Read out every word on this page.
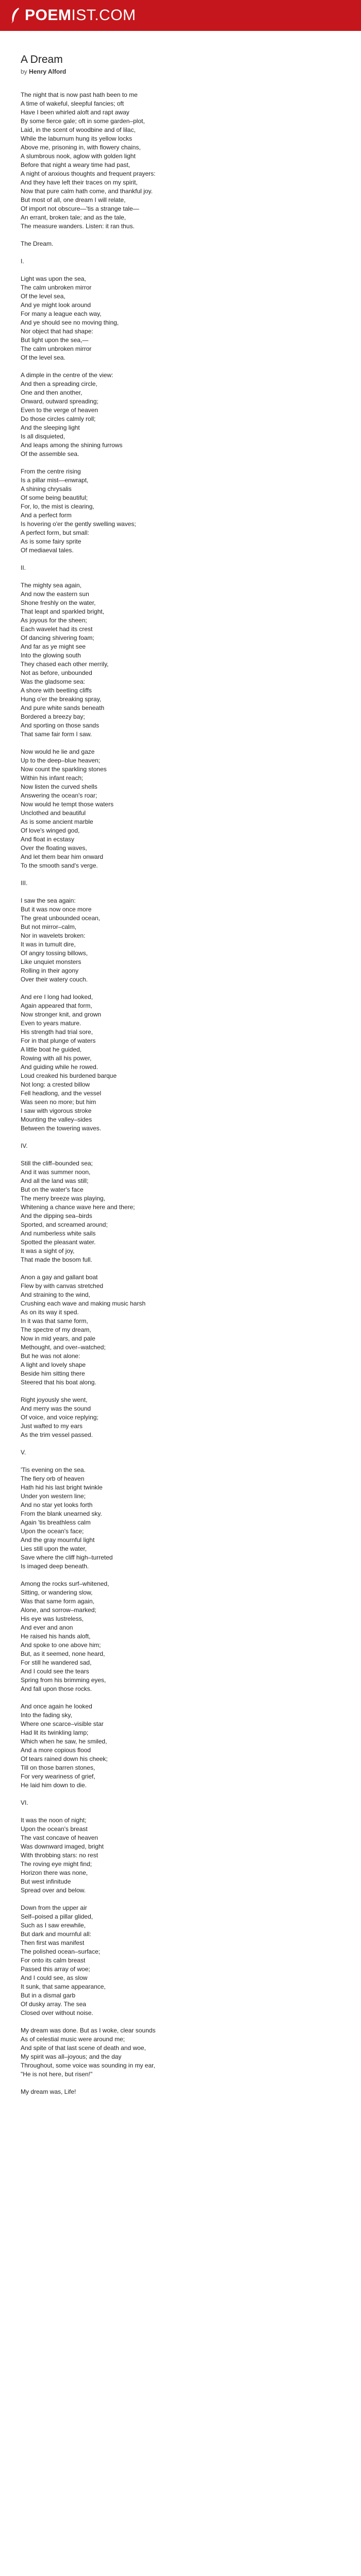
POEMIST.COM
A Dream
by Henry Alford

The night that is now past hath been to me
A time of wakeful, sleepful fancies; oft
Have I been whirled aloft and rapt away
By some fierce gale; oft in some garden–plot,
Laid, in the scent of woodbine and of lilac,
While the laburnum hung its yellow locks
Above me, prisoning in, with flowery chains,
A slumbrous nook, aglow with golden light
Before that night a weary time had past,
A night of anxious thoughts and frequent prayers:
And they have left their traces on my spirit,
Now that pure calm hath come, and thankful joy.
But most of all, one dream I will relate,
Of import not obscure—'tis a strange tale—
An errant, broken tale; and as the tale,
The measure wanders. Listen: it ran thus.

The Dream.

I.

Light was upon the sea,
The calm unbroken mirror
Of the level sea,
And ye might look around
For many a league each way,
And ye should see no moving thing,
Nor object that had shape:
But light upon the sea,—
The calm unbroken mirror
Of the level sea.

A dimple in the centre of the view:
And then a spreading circle,
One and then another,
Onward, outward spreading;
Even to the verge of heaven
Do those circles calmly roll;
And the sleeping light
Is all disquieted,
And leaps among the shining furrows
Of the assemble sea.

From the centre rising
Is a pillar mist—enwrapt,
A shining chrysalis
Of some being beautiful;
For, lo, the mist is clearing,
And a perfect form
Is hovering o'er the gently swelling waves;
A perfect form, but small:
As is some fairy sprite
Of mediaeval tales.

II.

The mighty sea again,
And now the eastern sun
Shone freshly on the water,
That leapt and sparkled bright,
As joyous for the sheen;
Each wavelet had its crest
Of dancing shivering foam;
And far as ye might see
Into the glowing south
They chased each other merrily,
Not as before, unbounded
Was the gladsome sea:
A shore with beetling cliffs
Hung o'er the breaking spray,
And pure white sands beneath
Bordered a breezy bay;
And sporting on those sands
That same fair form I saw.

Now would he lie and gaze
Up to the deep–blue heaven;
Now count the sparkling stones
Within his infant reach;
Now listen the curved shells
Answering the ocean's roar;
Now would he tempt those waters
Unclothed and beautiful
As is some ancient marble
Of love's winged god,
And float in ecstasy
Over the floating waves,
And let them bear him onward
To the smooth sand's verge.

III.

I saw the sea again:
But it was now once more
The great unbounded ocean,
But not mirror–calm,
Nor in wavelets broken:
It was in tumult dire,
Of angry tossing billows,
Like unquiet monsters
Rolling in their agony
Over their watery couch.

And ere I long had looked,
Again appeared that form,
Now stronger knit, and grown
Even to years mature.
His strength had trial sore,
For in that plunge of waters
A little boat he guided,
Rowing with all his power,
And guiding while he rowed.
Loud creaked his burdened barque
Not long: a crested billow
Fell headlong, and the vessel
Was seen no more; but him
I saw with vigorous stroke
Mounting the valley–sides
Between the towering waves.

IV.

Still the cliff–bounded sea;
And it was summer noon,
And all the land was still;
But on the water's face
The merry breeze was playing,
Whitening a chance wave here and there;
And the dipping sea–birds
Sported, and screamed around;
And numberless white sails
Spotted the pleasant water.
It was a sight of joy,
That made the bosom full.

Anon a gay and gallant boat
Flew by with canvas stretched
And straining to the wind,
Crushing each wave and making music harsh
As on its way it sped.
In it was that same form,
The spectre of my dream,
Now in mid years, and pale
Methought, and over–watched;
But he was not alone:
A light and lovely shape
Beside him sitting there
Steered that his boat along.

Right joyously she went,
And merry was the sound
Of voice, and voice replying;
Just wafted to my ears
As the trim vessel passed.

V.

'Tis evening on the sea.
The fiery orb of heaven
Hath hid his last bright twinkle
Under yon western line;
And no star yet looks forth
From the blank unearned sky.
Again 'tis breathless calm
Upon the ocean's face;
And the gray mournful light
Lies still upon the water,
Save where the cliff high–turreted
Is imaged deep beneath.

Among the rocks surf–whitened,
Sitting, or wandering slow,
Was that same form again,
Alone, and sorrow–marked;
His eye was lustreless,
And ever and anon
He raised his hands aloft,
And spoke to one above him;
But, as it seemed, none heard,
For still he wandered sad,
And I could see the tears
Spring from his brimming eyes,
And fall upon those rocks.

And once again he looked
Into the fading sky,
Where one scarce–visible star
Had lit its twinkling lamp;
Which when he saw, he smiled,
And a more copious flood
Of tears rained down his cheek;
Till on those barren stones,
For very weariness of grief,
He laid him down to die.

VI.

It was the noon of night;
Upon the ocean's breast
The vast concave of heaven
Was downward imaged, bright
With throbbing stars: no rest
The roving eye might find;
Horizon there was none,
But west infinitude
Spread over and below.

Down from the upper air
Self–poised a pillar glided,
Such as I saw erewhile,
But dark and mournful all:
Then first was manifest
The polished ocean–surface;
For onto its calm breast
Passed this array of woe;
And I could see, as slow
It sunk, that same appearance,
But in a dismal garb
Of dusky array. The sea
Closed over without noise.

My dream was done. But as I woke, clear sounds
As of celestial music were around me;
And spite of that last scene of death and woe,
My spirit was all–joyous; and the day
Throughout, some voice was sounding in my ear,
"He is not here, but risen!"

My dream was, Life!
